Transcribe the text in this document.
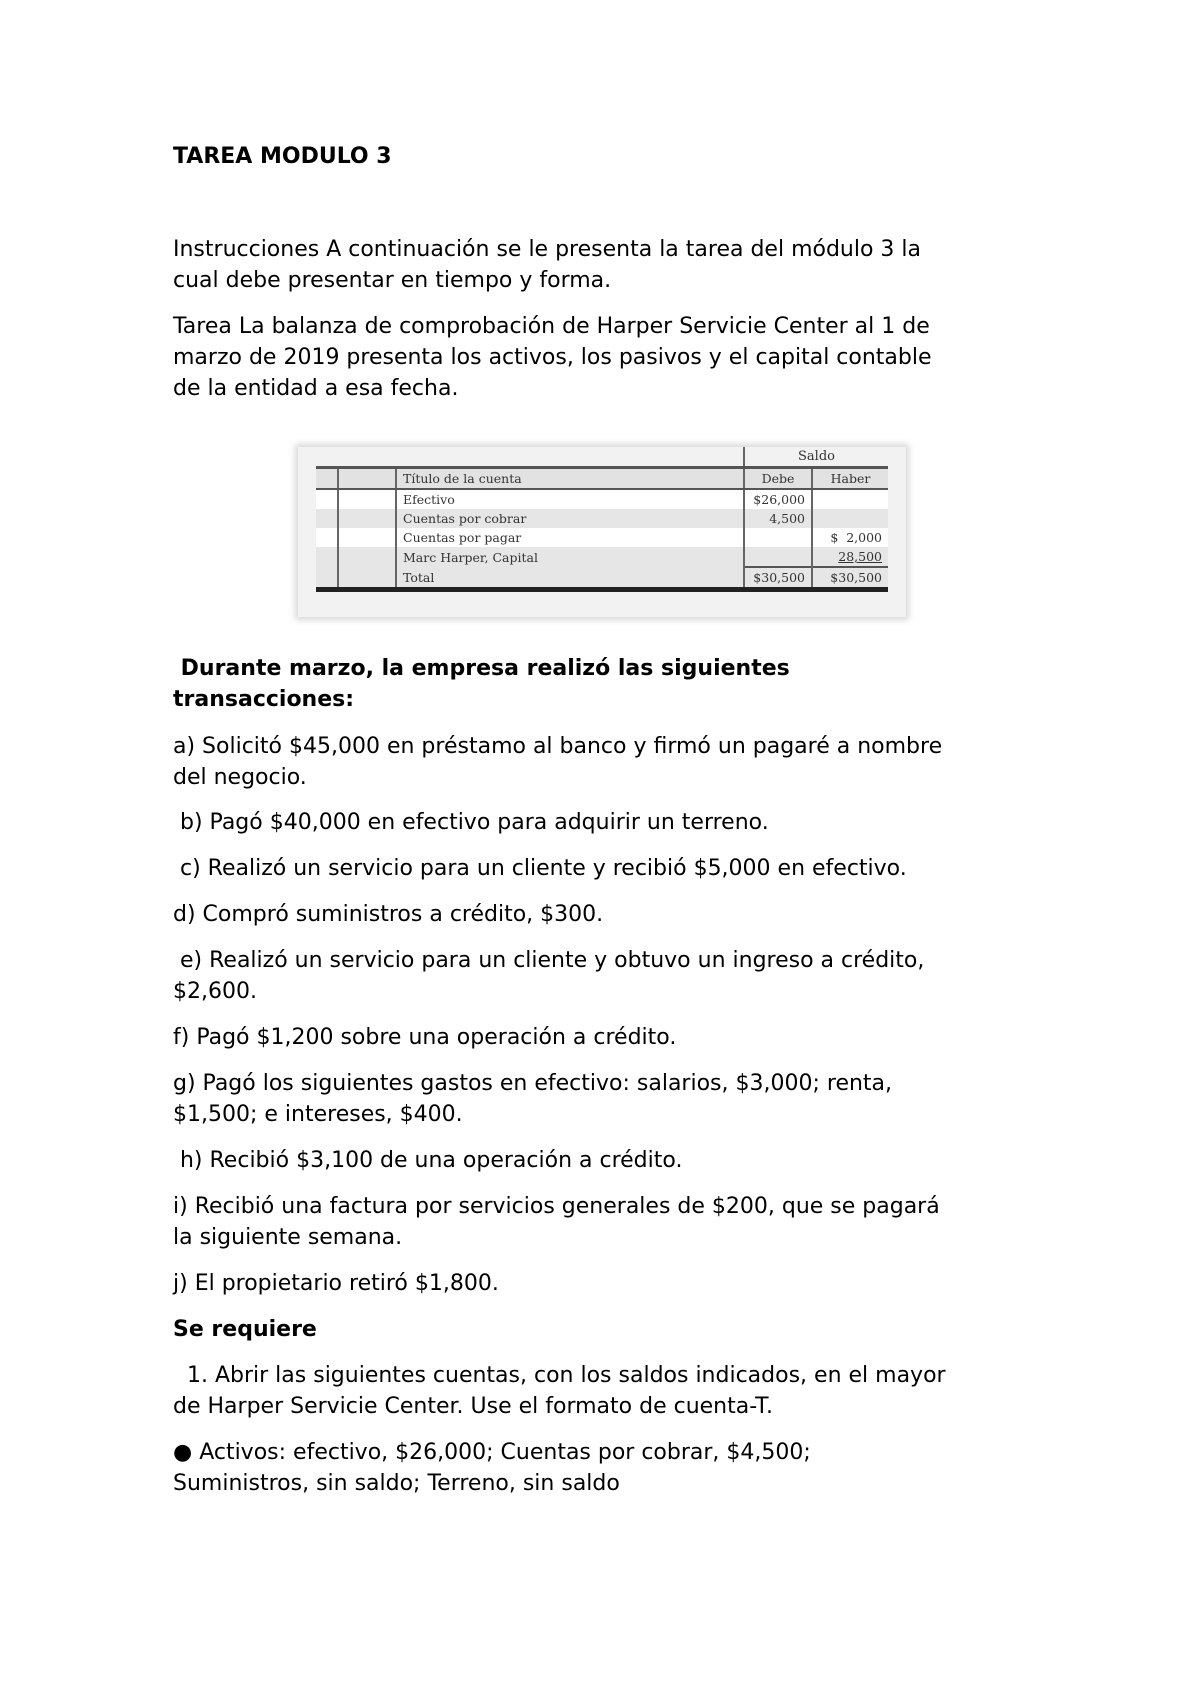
TAREA MODULO 3

Instrucciones A continuación se le presenta la tarea del módulo 3 la

cual debe presentar en tiempo y forma.

Tarea La balanza de comprobación de Harper Servicie Center al 1 de

marzo de 2019 presenta los activos, los pasivos y el capital contable

de la entidad a esa fecha.

Durante marzo, la empresa realizó las siguientes

transacciones:

a) Solicitó $45,000 en préstamo al banco y firmó un pagaré a nombre

del negocio.

b) Pagó $40,000 en efectivo para adquirir un terreno.

c) Realizó un servicio para un cliente y recibió $5,000 en efectivo.

d) Compró suministros a crédito, $300.

e) Realizó un servicio para un cliente y obtuvo un ingreso a crédito,

$2,600.

f) Pagó $1,200 sobre una operación a crédito.

g) Pagó los siguientes gastos en efectivo: salarios, $3,000; renta,

$1,500; e intereses, $400.

h) Recibió $3,100 de una operación a crédito.

i) Recibió una factura por servicios generales de $200, que se pagará

la siguiente semana.

j) El propietario retiró $1,800.

Se requiere

1. Abrir las siguientes cuentas, con los saldos indicados, en el mayor

de Harper Servicie Center. Use el formato de cuenta-T.

● Activos: efectivo, $26,000; Cuentas por cobrar, $4,500;

Suministros, sin saldo; Terreno, sin saldo

			Saldo	
		Título de la cuenta	Debe	Haber
		Efectivo	$26,000	
		Cuentas por cobrar	4,500	
		Cuentas por pagar		$  2,000
		Marc Harper, Capital		28,500
		Total	$30,500	$30,500
